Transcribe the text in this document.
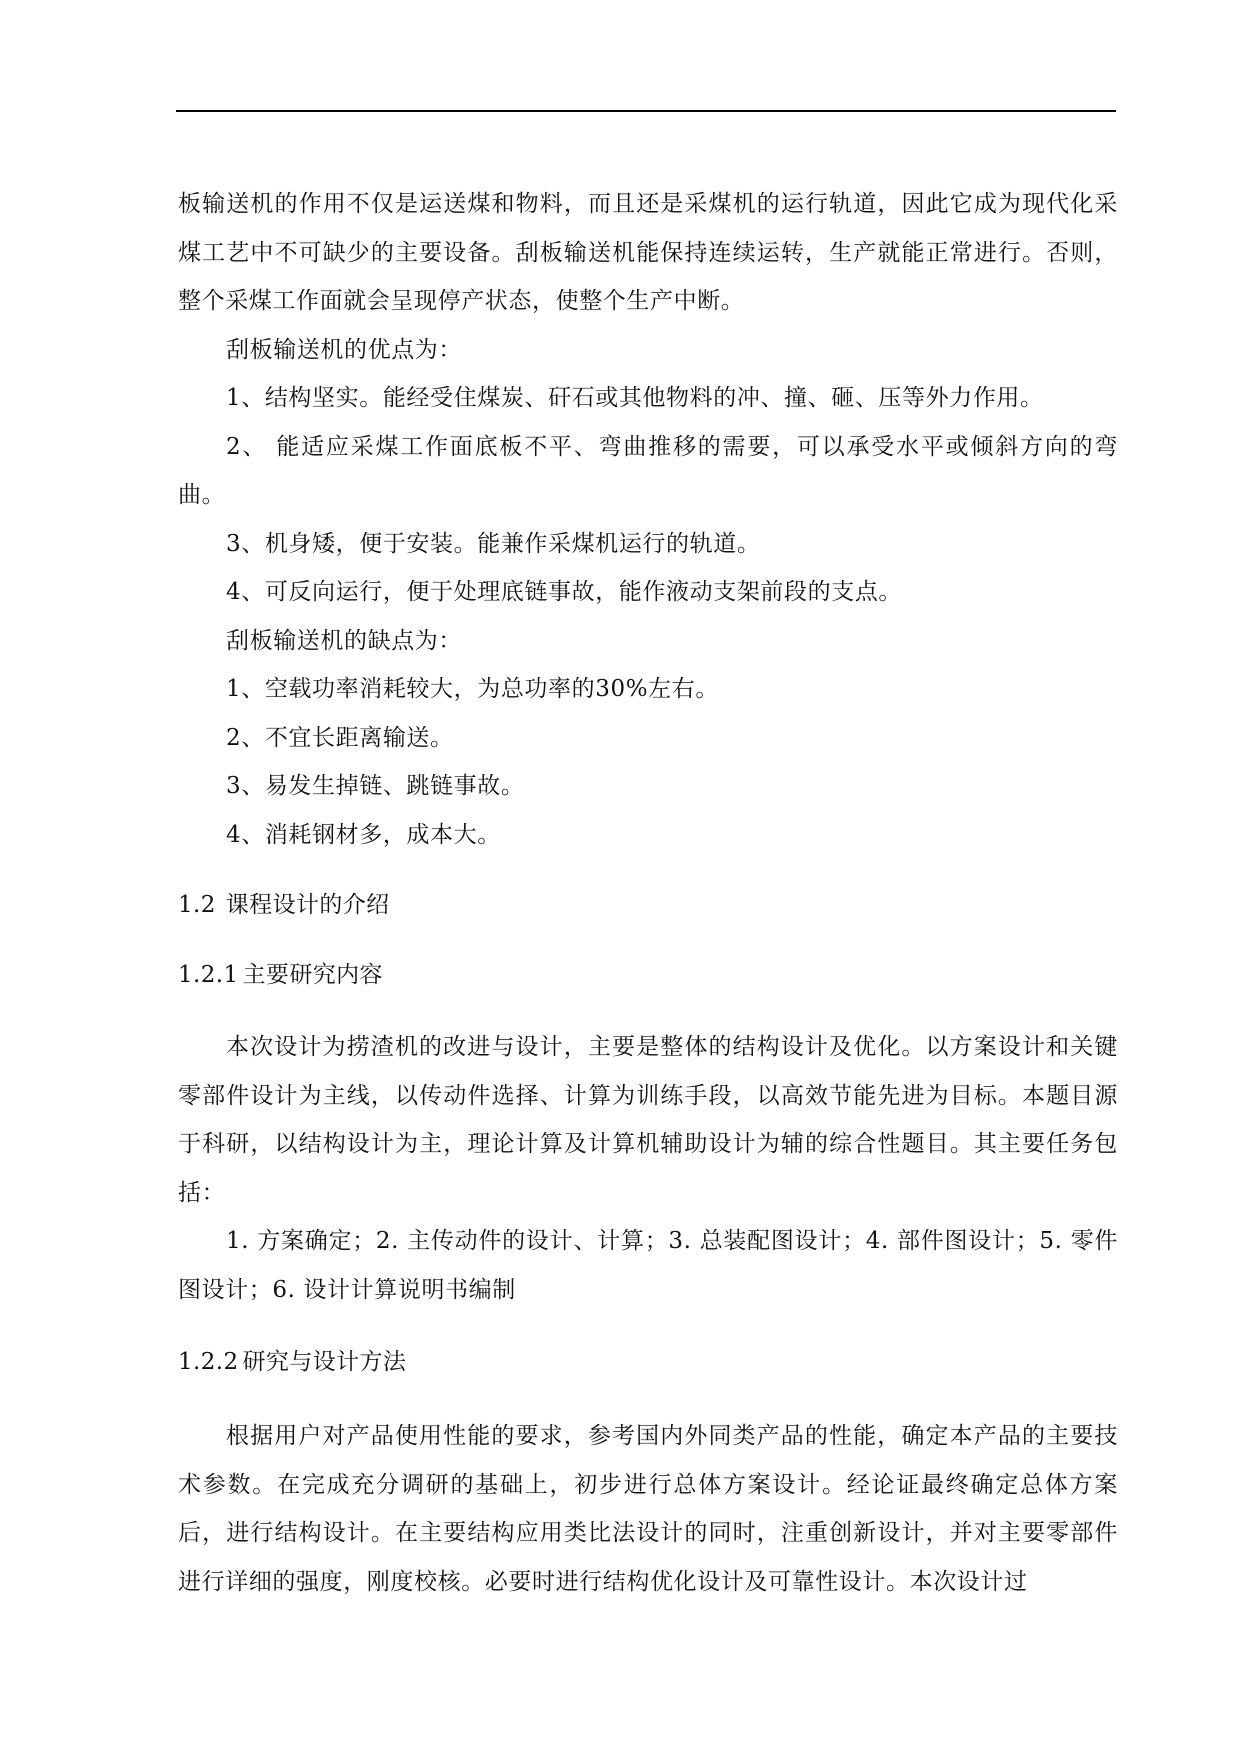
板输送机的作用不仅是运送煤和物料，而且还是采煤机的运行轨道，因此它成为现代化采煤工艺中不可缺少的主要设备。刮板输送机能保持连续运转，生产就能正常进行。否则，整个采煤工作面就会呈现停产状态，使整个生产中断。

刮板输送机的优点为：

1、结构坚实。能经受住煤炭、矸石或其他物料的冲、撞、砸、压等外力作用。

2、 能适应采煤工作面底板不平、弯曲推移的需要，可以承受水平或倾斜方向的弯曲。

3、机身矮，便于安装。能兼作采煤机运行的轨道。

4、可反向运行，便于处理底链事故，能作液动支架前段的支点。

刮板输送机的缺点为：

1、空载功率消耗较大，为总功率的30%左右。

2、不宜长距离输送。

3、易发生掉链、跳链事故。

4、消耗钢材多，成本大。

1.2 课程设计的介绍
1.2.1 主要研究内容

本次设计为捞渣机的改进与设计，主要是整体的结构设计及优化。以方案设计和关键零部件设计为主线，以传动件选择、计算为训练手段，以高效节能先进为目标。本题目源于科研，以结构设计为主，理论计算及计算机辅助设计为辅的综合性题目。其主要任务包括：

1. 方案确定；2. 主传动件的设计、计算；3. 总装配图设计；4. 部件图设计；5. 零件图设计；6. 设计计算说明书编制

1.2.2 研究与设计方法

根据用户对产品使用性能的要求，参考国内外同类产品的性能，确定本产品的主要技术参数。在完成充分调研的基础上，初步进行总体方案设计。经论证最终确定总体方案后，进行结构设计。在主要结构应用类比法设计的同时，注重创新设计，并对主要零部件进行详细的强度，刚度校核。必要时进行结构优化设计及可靠性设计。本次设计过
